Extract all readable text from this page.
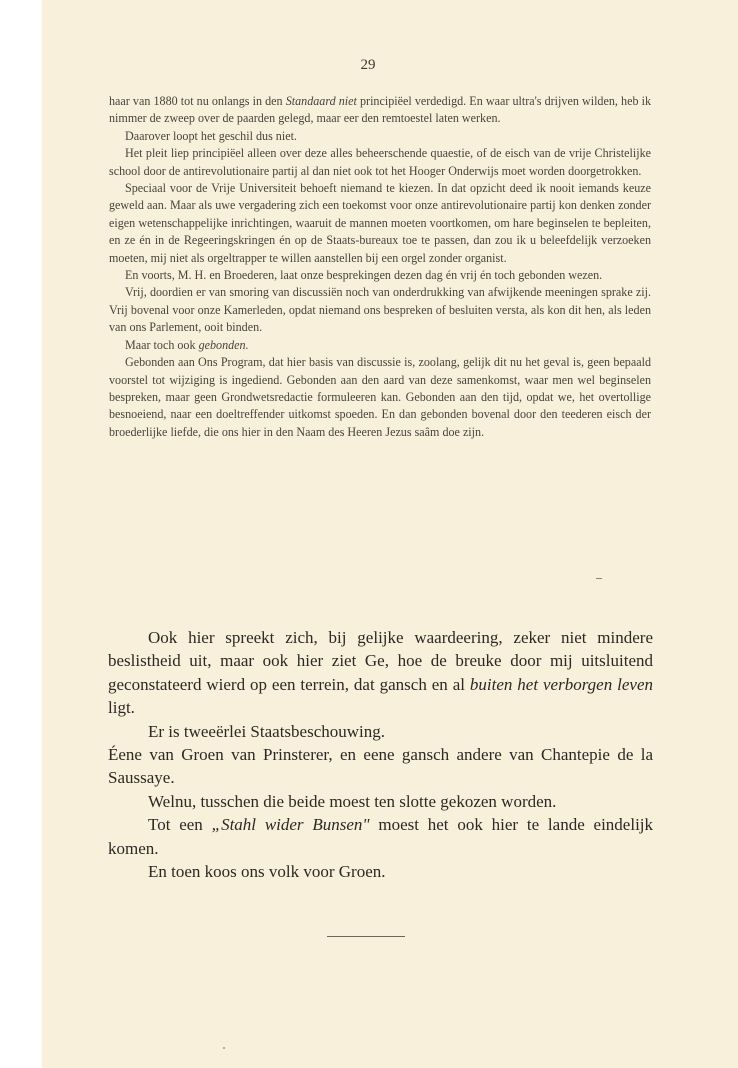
29

haar van 1880 tot nu onlangs in den Standaard niet principiëel verdedigd. En waar ultra's drijven wilden, heb ik nimmer de zweep over de paarden gelegd, maar eer den remtoestel laten werken.

Daarover loopt het geschil dus niet.

Het pleit liep principiëel alleen over deze alles beheerschende quaestie, of de eisch van de vrije Christelijke school door de antirevolutionaire partij al dan niet ook tot het Hooger Onderwijs moet worden doorgetrokken.

Speciaal voor de Vrije Universiteit behoeft niemand te kiezen. In dat opzicht deed ik nooit iemands keuze geweld aan. Maar als uwe vergadering zich een toekomst voor onze antirevolutionaire partij kon denken zonder eigen wetenschappelijke inrichtingen, waaruit de mannen moeten voortkomen, om hare beginselen te bepleiten, en ze én in de Regeeringskringen én op de Staats-bureaux toe te passen, dan zou ik u beleefdelijk verzoeken moeten, mij niet als orgeltrapper te willen aanstellen bij een orgel zonder organist.

En voorts, M. H. en Broederen, laat onze besprekingen dezen dag én vrij én toch gebonden wezen.

Vrij, doordien er van smoring van discussiën noch van onderdrukking van afwijkende meeningen sprake zij. Vrij bovenal voor onze Kamerleden, opdat niemand ons bespreken of besluiten versta, als kon dit hen, als leden van ons Parlement, ooit binden.

Maar toch ook gebonden.

Gebonden aan Ons Program, dat hier basis van discussie is, zoolang, gelijk dit nu het geval is, geen bepaald voorstel tot wijziging is ingediend. Gebonden aan den aard van deze samenkomst, waar men wel beginselen bespreken, maar geen Grondwetsredactie formuleeren kan. Gebonden aan den tijd, opdat we, het overtollige besnoeiend, naar een doeltreffender uitkomst spoeden. En dan gebonden bovenal door den teederen eisch der broederlijke liefde, die ons hier in den Naam des Heeren Jezus saâm doe zijn.

Ook hier spreekt zich, bij gelijke waardeering, zeker niet mindere beslistheid uit, maar ook hier ziet Ge, hoe de breuke door mij uitsluitend geconstateerd wierd op een terrein, dat gansch en al buiten het verborgen leven ligt.

Er is tweeërlei Staatsbeschouwing.

Éene van Groen van Prinsterer, en eene gansch andere van Chantepie de la Saussaye.

Welnu, tusschen die beide moest ten slotte gekozen worden.

Tot een „Stahl wider Bunsen" moest het ook hier te lande eindelijk komen.

En toen koos ons volk voor Groen.
